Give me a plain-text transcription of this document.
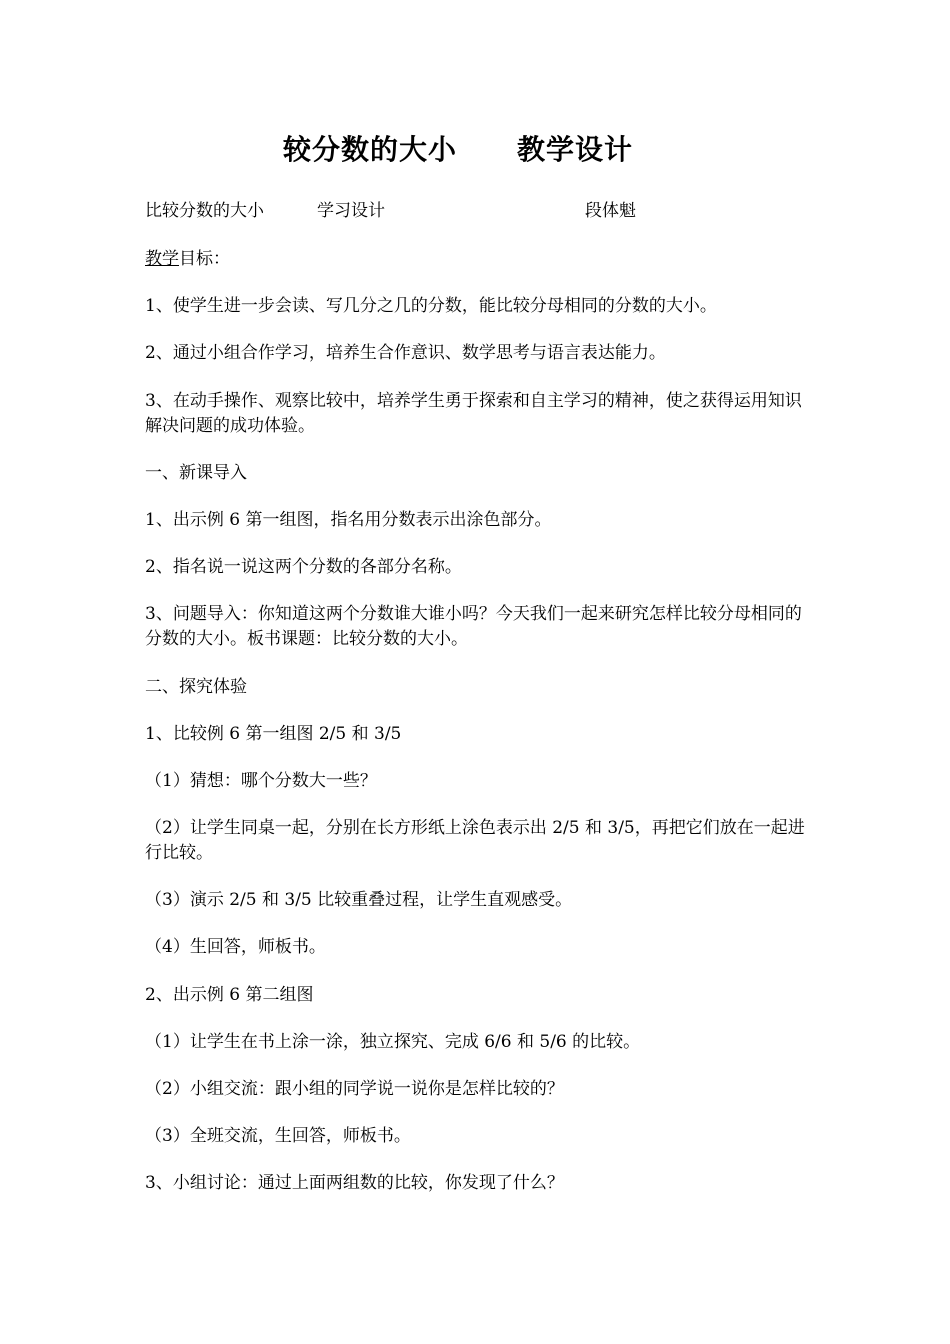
较分数的大小 教学设计
比较分数的大小	学习设计	段体魁
教学目标：
1、使学生进一步会读、写几分之几的分数，能比较分母相同的分数的大小。
2、通过小组合作学习，培养生合作意识、数学思考与语言表达能力。
3、在动手操作、观察比较中，培养学生勇于探索和自主学习的精神，使之获得运用知识解决问题的成功体验。
一、新课导入
1、出示例 6 第一组图，指名用分数表示出涂色部分。
2、指名说一说这两个分数的各部分名称。
3、问题导入：你知道这两个分数谁大谁小吗？今天我们一起来研究怎样比较分母相同的分数的大小。板书课题：比较分数的大小。
二、探究体验
1、比较例 6 第一组图 2/5 和 3/5
（1）猜想：哪个分数大一些？
（2）让学生同桌一起，分别在长方形纸上涂色表示出 2/5 和 3/5，再把它们放在一起进行比较。
（3）演示 2/5 和 3/5 比较重叠过程，让学生直观感受。
（4）生回答，师板书。
2、出示例 6 第二组图
（1）让学生在书上涂一涂，独立探究、完成 6/6 和 5/6 的比较。
（2）小组交流：跟小组的同学说一说你是怎样比较的？
（3）全班交流，生回答，师板书。
3、小组讨论：通过上面两组数的比较，你发现了什么？
